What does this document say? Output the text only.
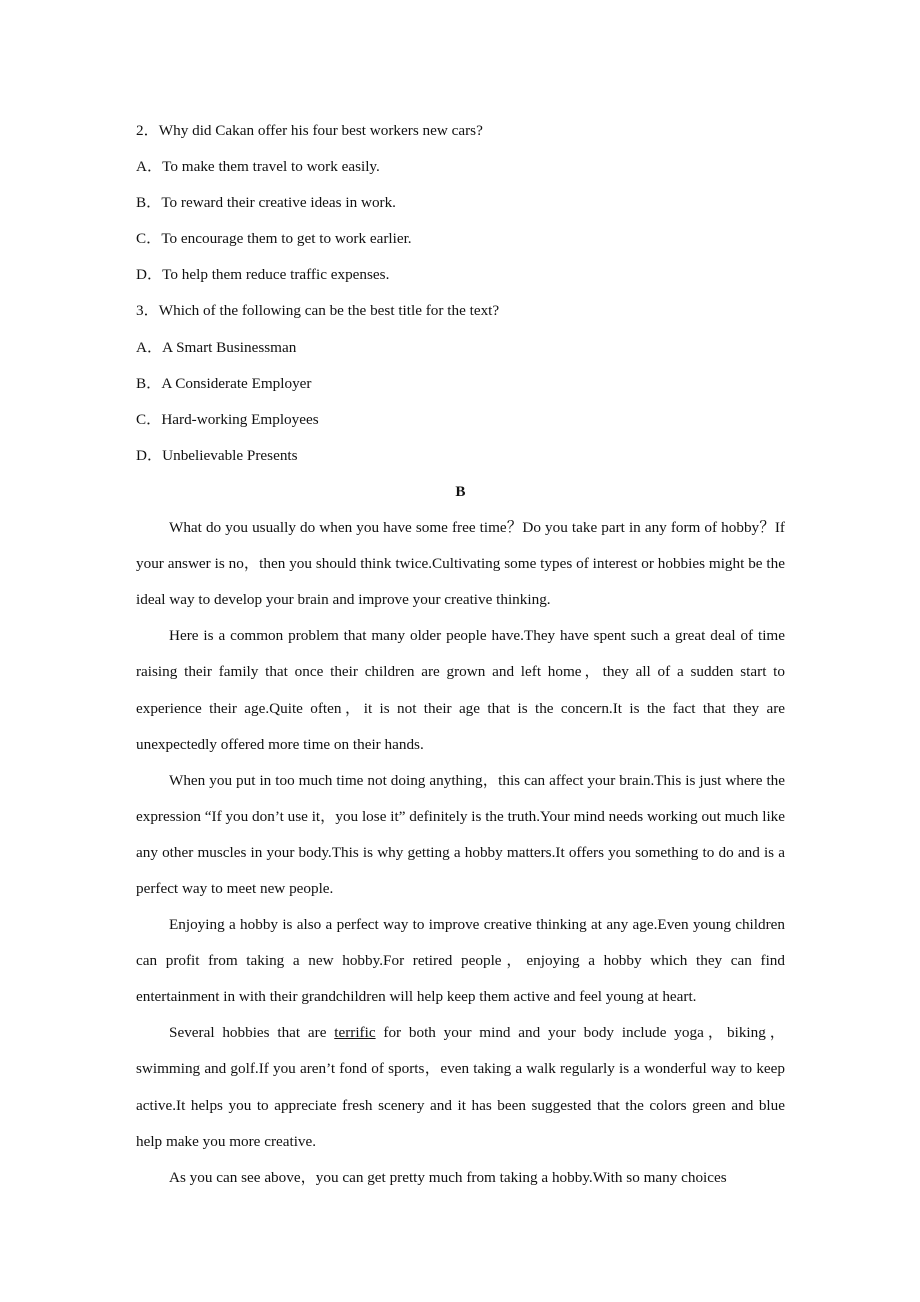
2．Why did Cakan offer his four best workers new cars?
A．To make them travel to work easily.
B．To reward their creative ideas in work.
C．To encourage them to get to work earlier.
D．To help them reduce traffic expenses.
3．Which of the following can be the best title for the text?
A．A Smart Businessman
B．A Considerate Employer
C．Hard-working Employees
D．Unbelievable Presents
B

What do you usually do when you have some free time？Do you take part in any form of hobby？If your answer is no，then you should think twice.Cultivating some types of interest or hobbies might be the ideal way to develop your brain and improve your creative thinking.

Here is a common problem that many older people have.They have spent such a great deal of time raising their family that once their children are grown and left home，they all of a sudden start to experience their age.Quite often，it is not their age that is the concern.It is the fact that they are unexpectedly offered more time on their hands.

When you put in too much time not doing anything，this can affect your brain.This is just where the expression “If you don’t use it，you lose it” definitely is the truth.Your mind needs working out much like any other muscles in your body.This is why getting a hobby matters.It offers you something to do and is a perfect way to meet new people.

Enjoying a hobby is also a perfect way to improve creative thinking at any age.Even young children can profit from taking a new hobby.For retired people，enjoying a hobby which they can find entertainment in with their grandchildren will help keep them active and feel young at heart.

Several hobbies that are terrific for both your mind and your body include yoga，biking，swimming and golf.If you aren’t fond of sports，even taking a walk regularly is a wonderful way to keep active.It helps you to appreciate fresh scenery and it has been suggested that the colors green and blue help make you more creative.

As you can see above，you can get pretty much from taking a hobby.With so many choices
